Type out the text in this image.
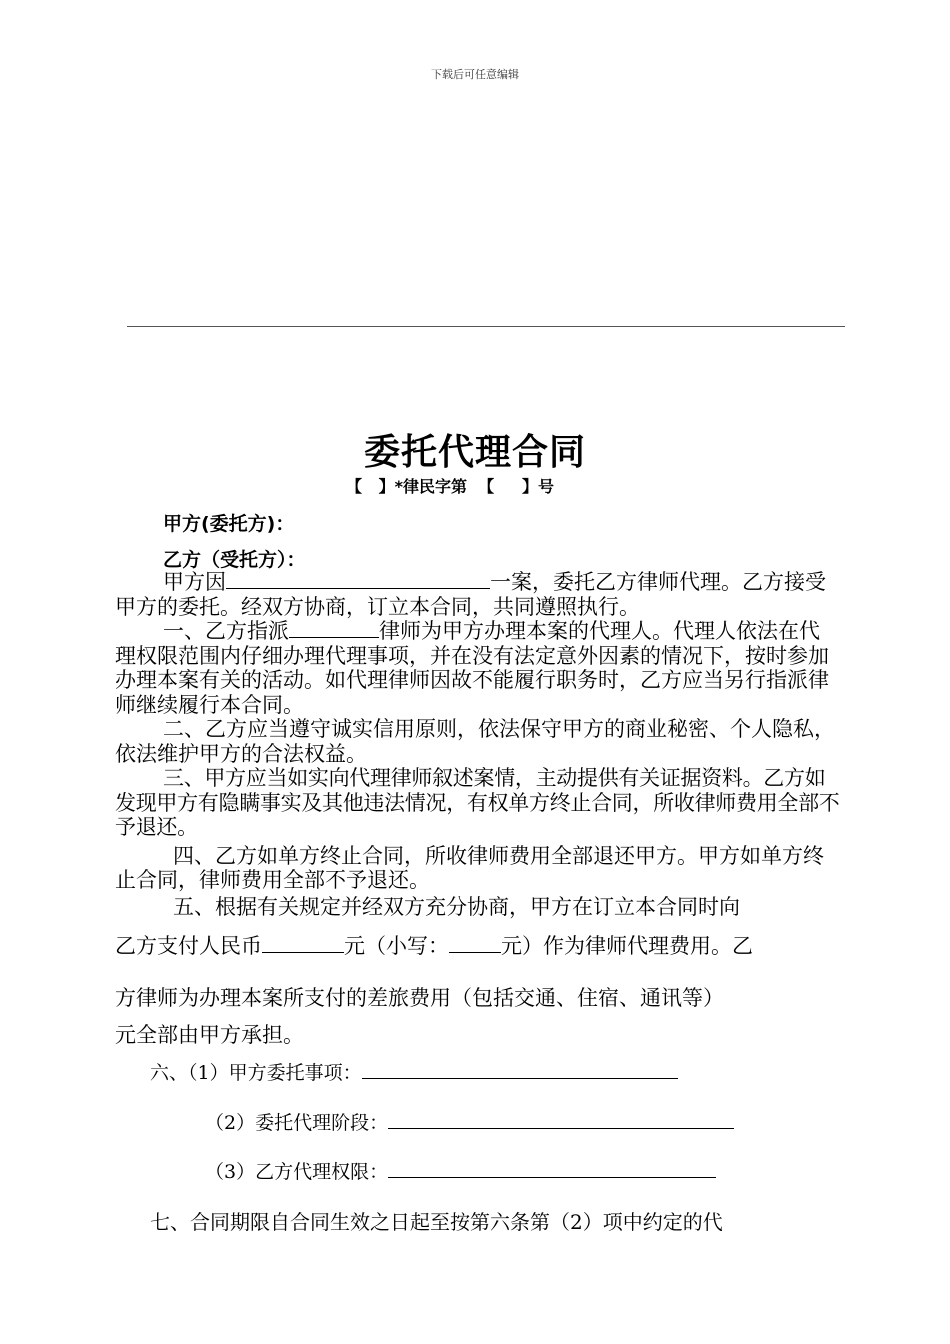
下载后可任意编辑
委托代理合同
【   】*律民字第  【     】号
甲方(委托方)：
乙方（受托方）：

甲方因	一案，委托乙方律师代理。乙方接受甲方的委托。经双方协商，订立本合同，共同遵照执行。

一、乙方指派	律师为甲方办理本案的代理人。代理人依法在代理权限范围内仔细办理代理事项，并在没有法定意外因素的情况下，按时参加办理本案有关的活动。如代理律师因故不能履行职务时，乙方应当另行指派律师继续履行本合同。

二、乙方应当遵守诚实信用原则，依法保守甲方的商业秘密、个人隐私，依法维护甲方的合法权益。

三、甲方应当如实向代理律师叙述案情，主动提供有关证据资料。乙方如发现甲方有隐瞒事实及其他违法情况，有权单方终止合同，所收律师费用全部不予退还。

四、乙方如单方终止合同，所收律师费用全部退还甲方。甲方如单方终止合同，律师费用全部不予退还。

五、根据有关规定并经双方充分协商，甲方在订立本合同时向

乙方支付人民币	元（小写： 元）作为律师代理费用。乙
方律师为办理本案所支付的差旅费用（包括交通、住宿、通讯等）
元全部由甲方承担。
六、（1）甲方委托事项：
（2）委托代理阶段：
（3）乙方代理权限：
七、合同期限自合同生效之日起至按第六条第（2）项中约定的代
